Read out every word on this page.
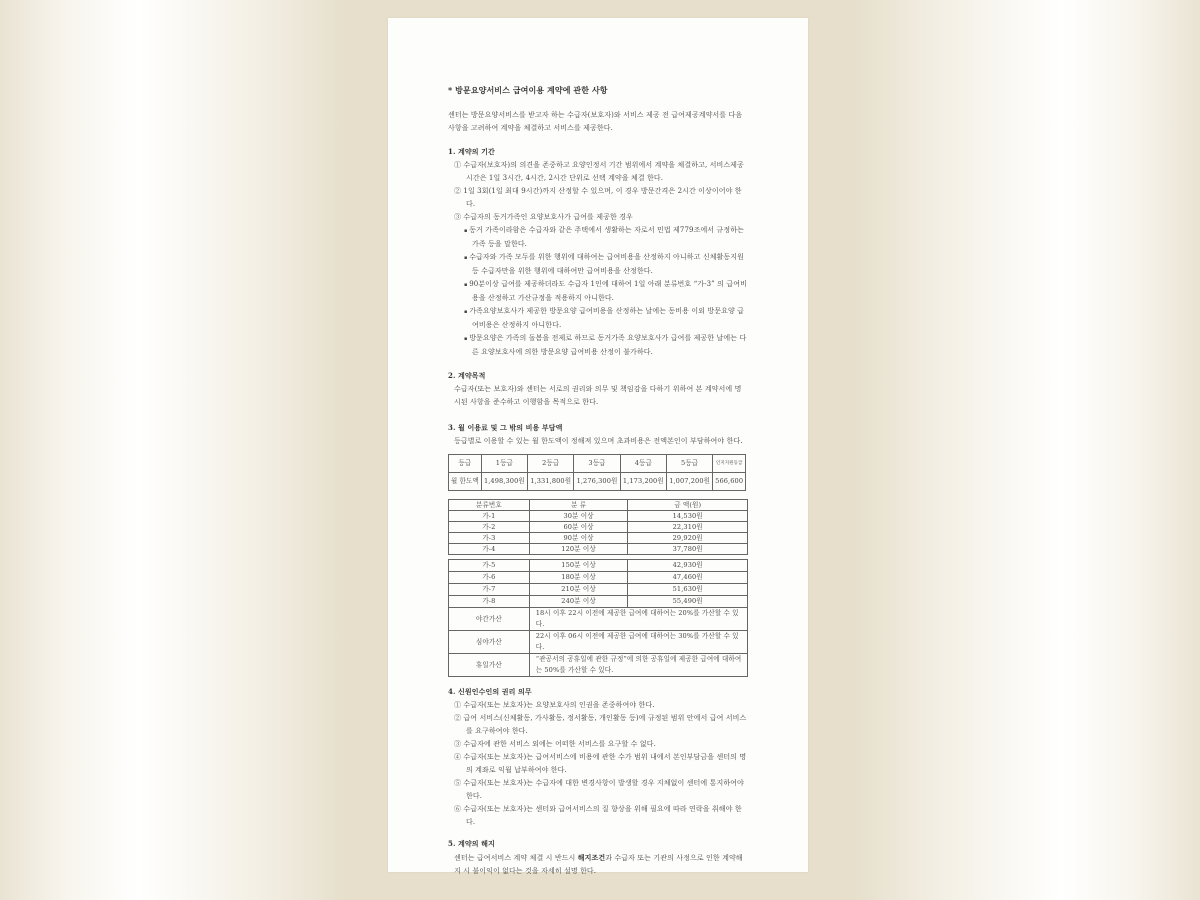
* 방문요양서비스 급여이용 계약에 관한 사항

센터는 방문요양서비스를 받고자 하는 수급자(보호자)와 서비스 제공 전 급여제공계약서를 다음 사항을 고려하여 계약을 체결하고 서비스를 제공한다.

1. 계약의 기간

① 수급자(보호자)의 의견을 존중하고 요양인정서 기간 범위에서 계약을 체결하고, 서비스제공시간은 1일 3시간, 4시간, 2시간 단위로 선택 계약을 체결 한다.

② 1일 3회(1일 최대 9시간)까지 산정할 수 있으며, 이 경우 방문간격은 2시간 이상이어야 한다.

③ 수급자의 동거가족인 요양보호사가 급여를 제공한 경우

▪ 동거 가족이라함은 수급자와 같은 주택에서 생활하는 자로서 민법 제779조에서 규정하는 가족 등을 말한다.

▪ 수급자와 가족 모두를 위한 행위에 대하여는 급여비용을 산정하지 아니하고 신체활동지원 등 수급자만을 위한 행위에 대하여만 급여비용을 산정한다.

▪ 90분이상 급여를 제공하더라도 수급자 1인에 대하여 1일 아래 분류번호 “가-3” 의 급여비용을 산정하고 가산규정을 적용하지 아니한다.

▪ 가족요양보호사가 제공한 방문요양 급여비용을 산정하는 날에는 동비용 이외 방문요양 급여비용은 산정하지 아니한다.

▪ 방문요양은 가족의 돌봄을 전제로 하므로 동거가족 요양보호사가 급여를 제공한 날에는 다른 요양보호사에 의한 방문요양 급여비용 산정이 불가하다.

2. 계약목적

수급자(또는 보호자)와 센터는 서로의 권리와 의무 및 책임감을 다하기 위하여 본 계약서에 명시된 사항을 준수하고 이행함을 목적으로 한다.

3. 월 이용료 및 그 밖의 비용 부담액

등급별로 이용할 수 있는 월 한도액이 정해져 있으며 초과비용은 전액본인이 부담하여야 한다.

등급	1등급	2등급	3등급	4등급	5등급	인지지원등급
월 한도액	1,498,300원	1,331,800원	1,276,300원	1,173,200원	1,007,200원	566,600
분류번호	분 류	금 액(원)
가-1	30분 이상	14,530원
가-2	60분 이상	22,310원
가-3	90분 이상	29,920원
가-4	120분 이상	37,780원
가-5	150분 이상	42,930원
가-6	180분 이상	47,460원
가-7	210분 이상	51,630원
가-8	240분 이상	55,490원
야간가산	18시 이후 22시 이전에 제공한 급여에 대하여는 20%를 가산할 수 있다.	
심야가산	22시 이후 06시 이전에 제공한 급여에 대하여는 30%를 가산할 수 있다.	
휴일가산	“관공서의 공휴일에 관한 규정”에 의한 공휴일에 제공한 급여에 대하여는 50%를 가산할 수 있다.	
4. 신원인수인의 권리 의무

① 수급자(또는 보호자)는 요양보호사의 인권을 존중하여야 한다.

② 급여 서비스(신체활동, 가사활동, 정서활동, 개인활동 등)에 규정된 범위 안에서 급여 서비스를 요구하여야 한다.

③ 수급자에 관한 서비스 외에는 어떠한 서비스를 요구할 수 없다.

④ 수급자(또는 보호자)는 급여서비스에 비용에 관한 수가 범위 내에서 본인부담금을 센터의 명의 계좌로 익월 납부하여야 한다.

⑤ 수급자(또는 보호자)는 수급자에 대한 변경사항이 발생할 경우 지체없이 센터에 통지하여야 한다.

⑥ 수급자(또는 보호자)는 센터와 급여서비스의 질 향상을 위해 필요에 따라 연락을 취해야 한다.

5. 계약의 해지

센터는 급여서비스 계약 체결 시 반드시 해지조건과 수급자 또는 기관의 사정으로 인한 계약해지 시 불이익이 없다는 것을 자세히 설명 한다.
